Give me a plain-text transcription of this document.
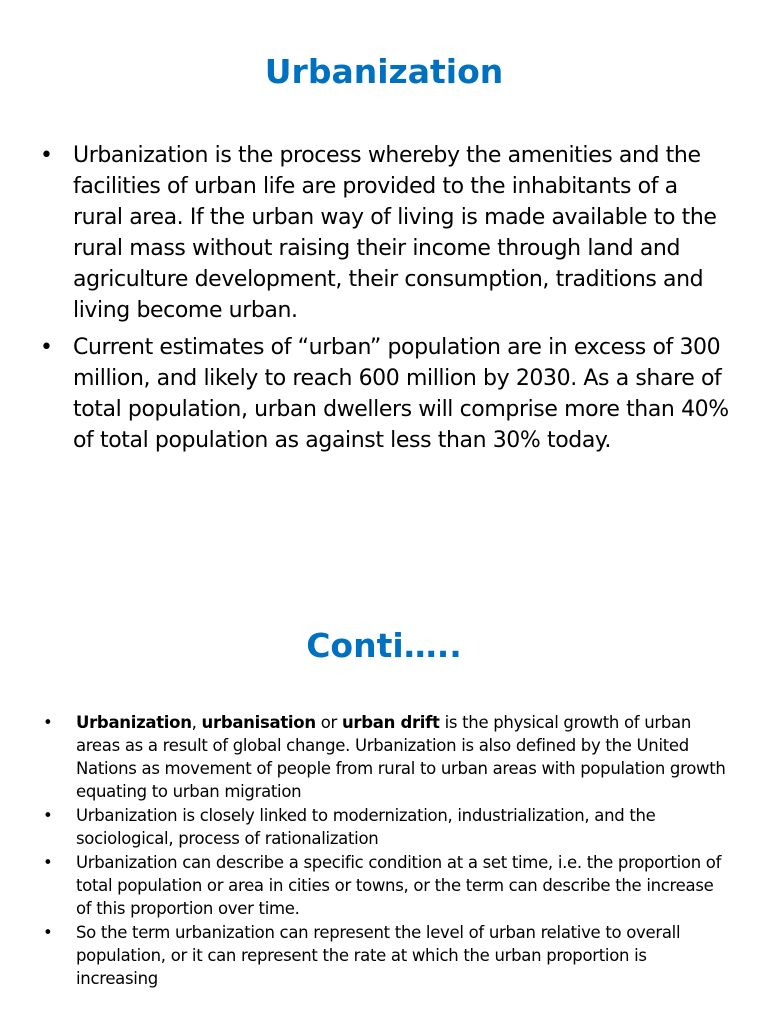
Urbanization
• Urbanization is the process whereby the amenities and the facilities of urban life are provided to the inhabitants of a rural area. If the urban way of living is made available to the rural mass without raising their income through land and agriculture development, their consumption, traditions and living become urban.
• Current estimates of “urban” population are in excess of 300 million, and likely to reach 600 million by 2030. As a share of total population, urban dwellers will comprise more than 40% of total population as against less than 30% today.
Conti…..
• Urbanization, urbanisation or urban drift is the physical growth of urban areas as a result of global change. Urbanization is also defined by the United Nations as movement of people from rural to urban areas with population growth equating to urban migration
• Urbanization is closely linked to modernization, industrialization, and the sociological, process of rationalization
• Urbanization can describe a specific condition at a set time, i.e. the proportion of total population or area in cities or towns, or the term can describe the increase of this proportion over time.
• So the term urbanization can represent the level of urban relative to overall population, or it can represent the rate at which the urban proportion is increasing
